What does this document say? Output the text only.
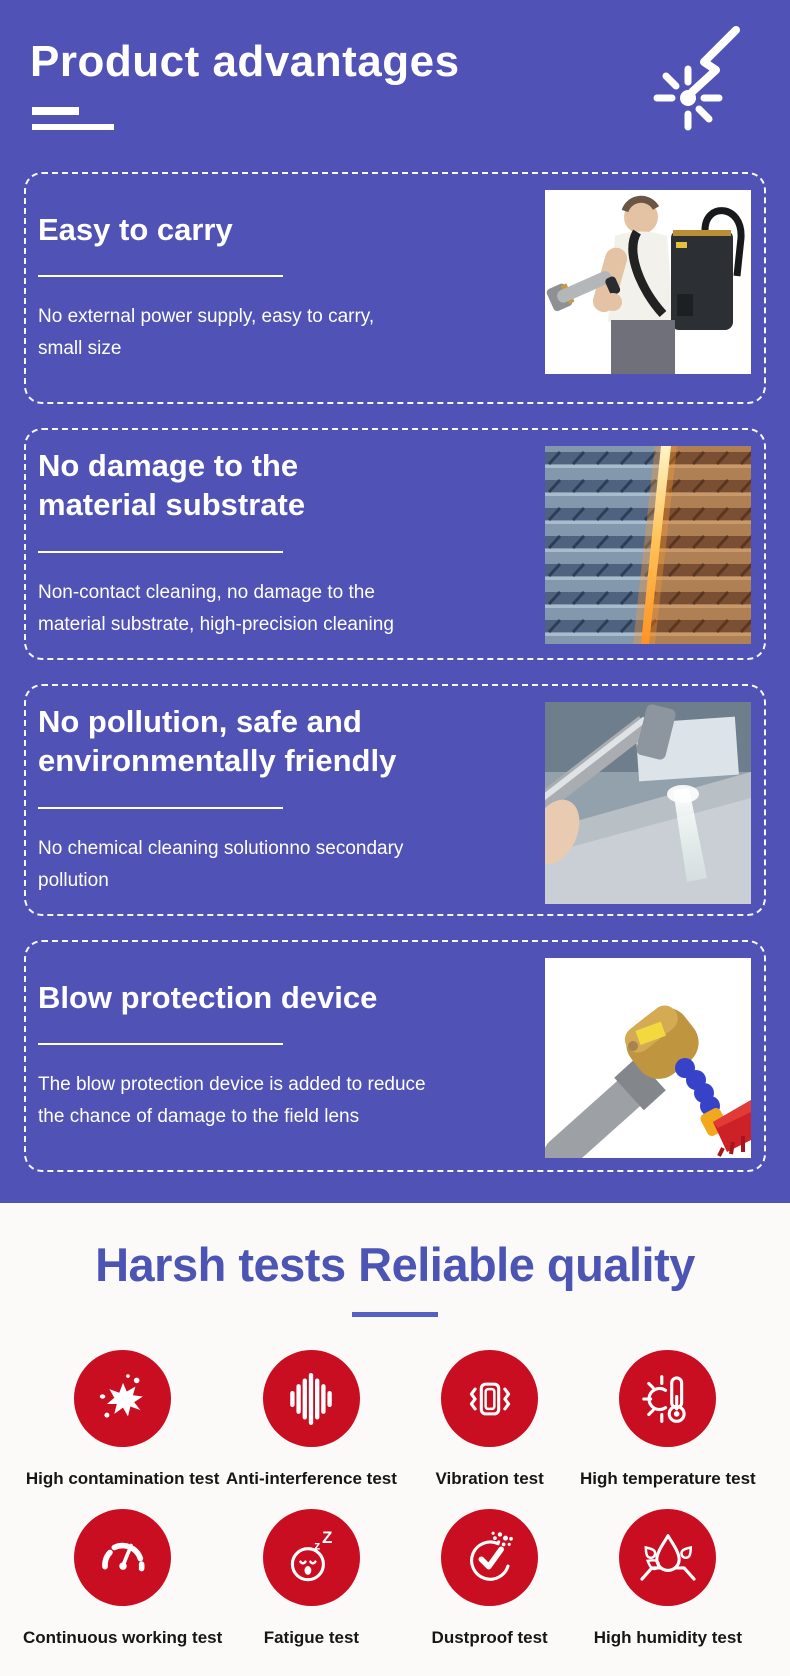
Product advantages
Easy to carry

No external power supply, easy to carry,
small size

No damage to the
material substrate

Non-contact cleaning, no damage to the
material substrate, high-precision cleaning

No pollution, safe and
environmentally friendly

No chemical cleaning solutionno secondary
pollution

Blow protection device

The blow protection device is added to reduce
the chance of damage to the field lens

Harsh tests Reliable quality
High contamination test Anti-interference test Vibration test High temperature test
Continuous working test
z Z
Fatigue test	Dustproof test	High humidity test
